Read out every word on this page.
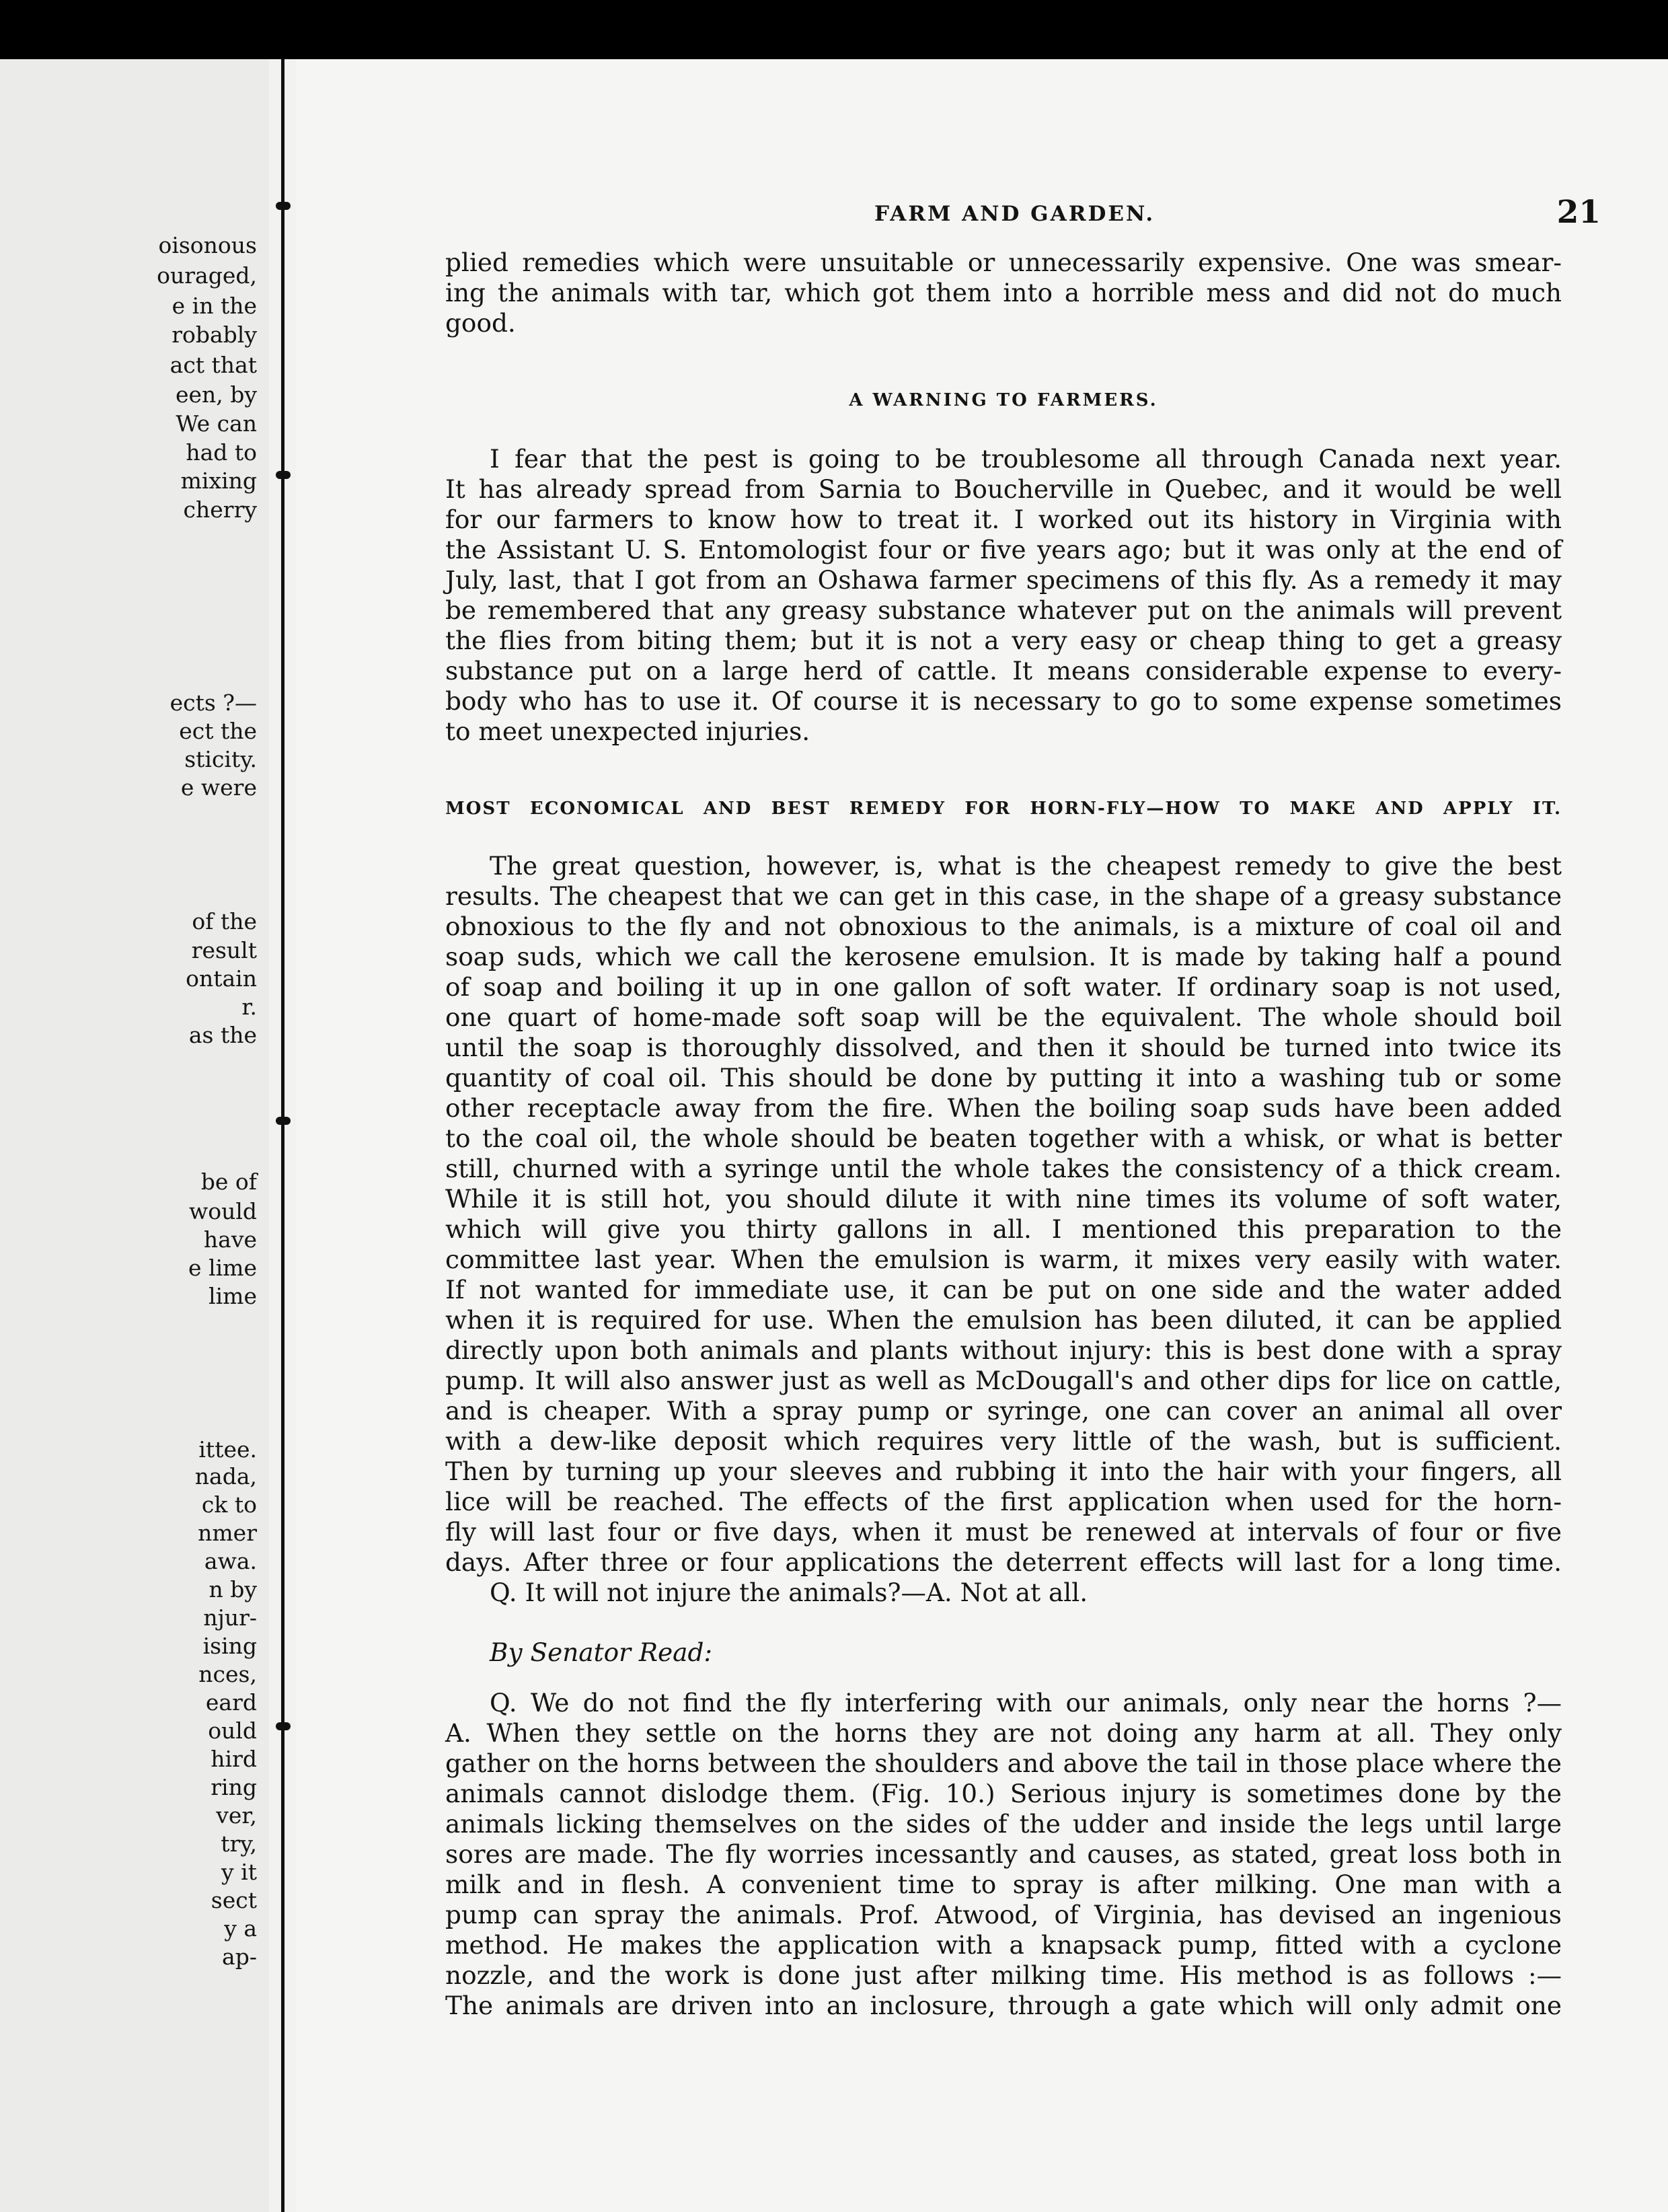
oisonous
ouraged,
e in the
robably
act that
een, by
We can
had to
mixing
cherry
ects ?—
ect the
sticity.
e were
of the
result
ontain
r.
as the
be of
would
have
e lime
lime
ittee.
nada,
ck to
nmer
awa.
n by
njur-
ising
nces,
eard
ould
hird
ring
ver,
try,
y it
sect
y a
ap-
FARM AND GARDEN.	21
plied remedies which were unsuitable or unnecessarily expensive. One was smear-
ing the animals with tar, which got them into a horrible mess and did not do much
good.
A WARNING TO FARMERS.
I fear that the pest is going to be troublesome all through Canada next year.
It has already spread from Sarnia to Boucherville in Quebec, and it would be well
for our farmers to know how to treat it. I worked out its history in Virginia with
the Assistant U. S. Entomologist four or five years ago; but it was only at the end of
July, last, that I got from an Oshawa farmer specimens of this fly. As a remedy it may
be remembered that any greasy substance whatever put on the animals will prevent
the flies from biting them; but it is not a very easy or cheap thing to get a greasy
substance put on a large herd of cattle. It means considerable expense to every-
body who has to use it. Of course it is necessary to go to some expense sometimes
to meet unexpected injuries.
MOST ECONOMICAL AND BEST REMEDY FOR HORN-FLY—HOW TO MAKE AND APPLY IT.
The great question, however, is, what is the cheapest remedy to give the best
results. The cheapest that we can get in this case, in the shape of a greasy substance
obnoxious to the fly and not obnoxious to the animals, is a mixture of coal oil and
soap suds, which we call the kerosene emulsion. It is made by taking half a pound
of soap and boiling it up in one gallon of soft water. If ordinary soap is not used,
one quart of home-made soft soap will be the equivalent. The whole should boil
until the soap is thoroughly dissolved, and then it should be turned into twice its
quantity of coal oil. This should be done by putting it into a washing tub or some
other receptacle away from the fire. When the boiling soap suds have been added
to the coal oil, the whole should be beaten together with a whisk, or what is better
still, churned with a syringe until the whole takes the consistency of a thick cream.
While it is still hot, you should dilute it with nine times its volume of soft water,
which will give you thirty gallons in all. I mentioned this preparation to the
committee last year. When the emulsion is warm, it mixes very easily with water.
If not wanted for immediate use, it can be put on one side and the water added
when it is required for use. When the emulsion has been diluted, it can be applied
directly upon both animals and plants without injury: this is best done with a spray
pump. It will also answer just as well as McDougall's and other dips for lice on cattle,
and is cheaper. With a spray pump or syringe, one can cover an animal all over
with a dew-like deposit which requires very little of the wash, but is sufficient.
Then by turning up your sleeves and rubbing it into the hair with your fingers, all
lice will be reached. The effects of the first application when used for the horn-
fly will last four or five days, when it must be renewed at intervals of four or five
days. After three or four applications the deterrent effects will last for a long time.
Q. It will not injure the animals?—A. Not at all.
By Senator Read:
Q. We do not find the fly interfering with our animals, only near the horns ?—
A. When they settle on the horns they are not doing any harm at all. They only
gather on the horns between the shoulders and above the tail in those place where the
animals cannot dislodge them. (Fig. 10.) Serious injury is sometimes done by the
animals licking themselves on the sides of the udder and inside the legs until large
sores are made. The fly worries incessantly and causes, as stated, great loss both in
milk and in flesh. A convenient time to spray is after milking. One man with a
pump can spray the animals. Prof. Atwood, of Virginia, has devised an ingenious
method. He makes the application with a knapsack pump, fitted with a cyclone
nozzle, and the work is done just after milking time. His method is as follows :—
The animals are driven into an inclosure, through a gate which will only admit one
